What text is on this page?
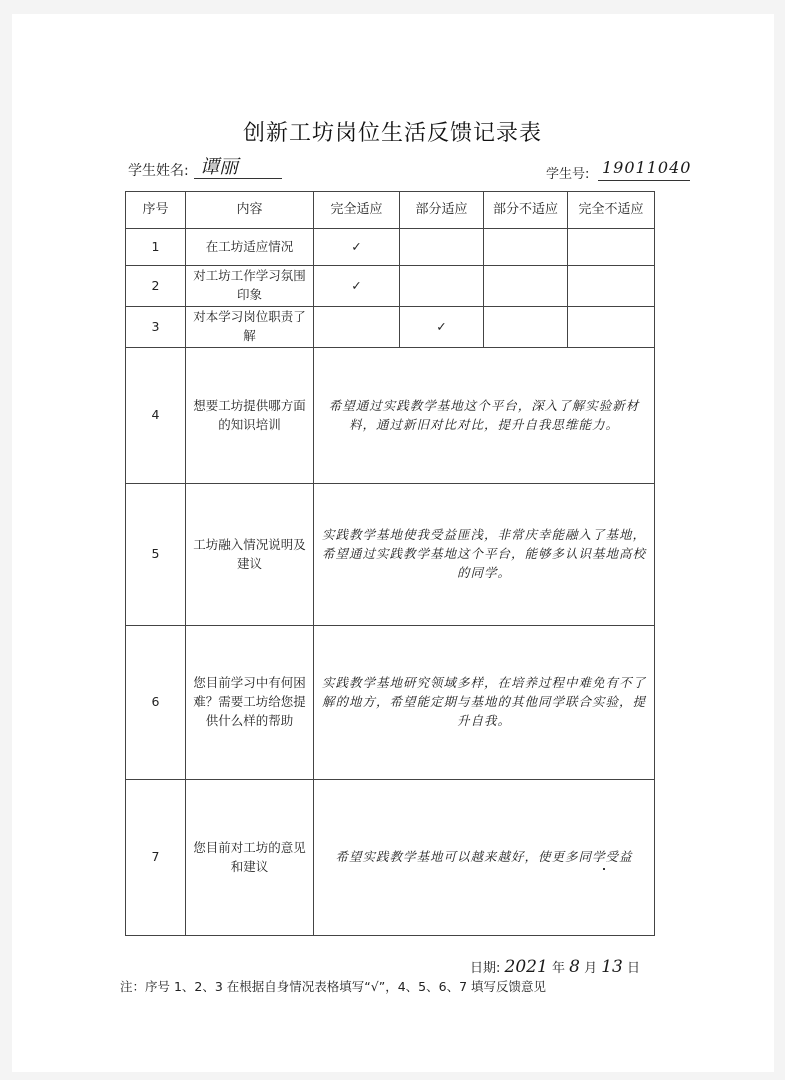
创新工坊岗位生活反馈记录表
学生姓名: 谭丽	学生号: 19011040
序号	内容	完全适应	部分适应	部分不适应	完全不适应
1	在工坊适应情况	✓			
2	对工坊工作学习氛围印象	✓			
3	对本学习岗位职责了解		✓		
4	想要工坊提供哪方面的知识培训	希望通过实践教学基地这个平台，深入了解实验新材料，通过新旧对比对比，提升自我思维能力。			
5	工坊融入情况说明及建议	实践教学基地使我受益匪浅，非常庆幸能融入了基地，希望通过实践教学基地这个平台，能够多认识基地高校的同学。			
6	您目前学习中有何困难？需要工坊给您提供什么样的帮助	实践教学基地研究领域多样，在培养过程中难免有不了解的地方，希望能定期与基地的其他同学联合实验，提升自我。			
7	您目前对工坊的意见和建议	希望实践教学基地可以越来越好，使更多同学受益			
日期: 2021 年 8 月 13 日
注：序号 1、2、3 在根据自身情况表格填写“√”，4、5、6、7 填写反馈意见
